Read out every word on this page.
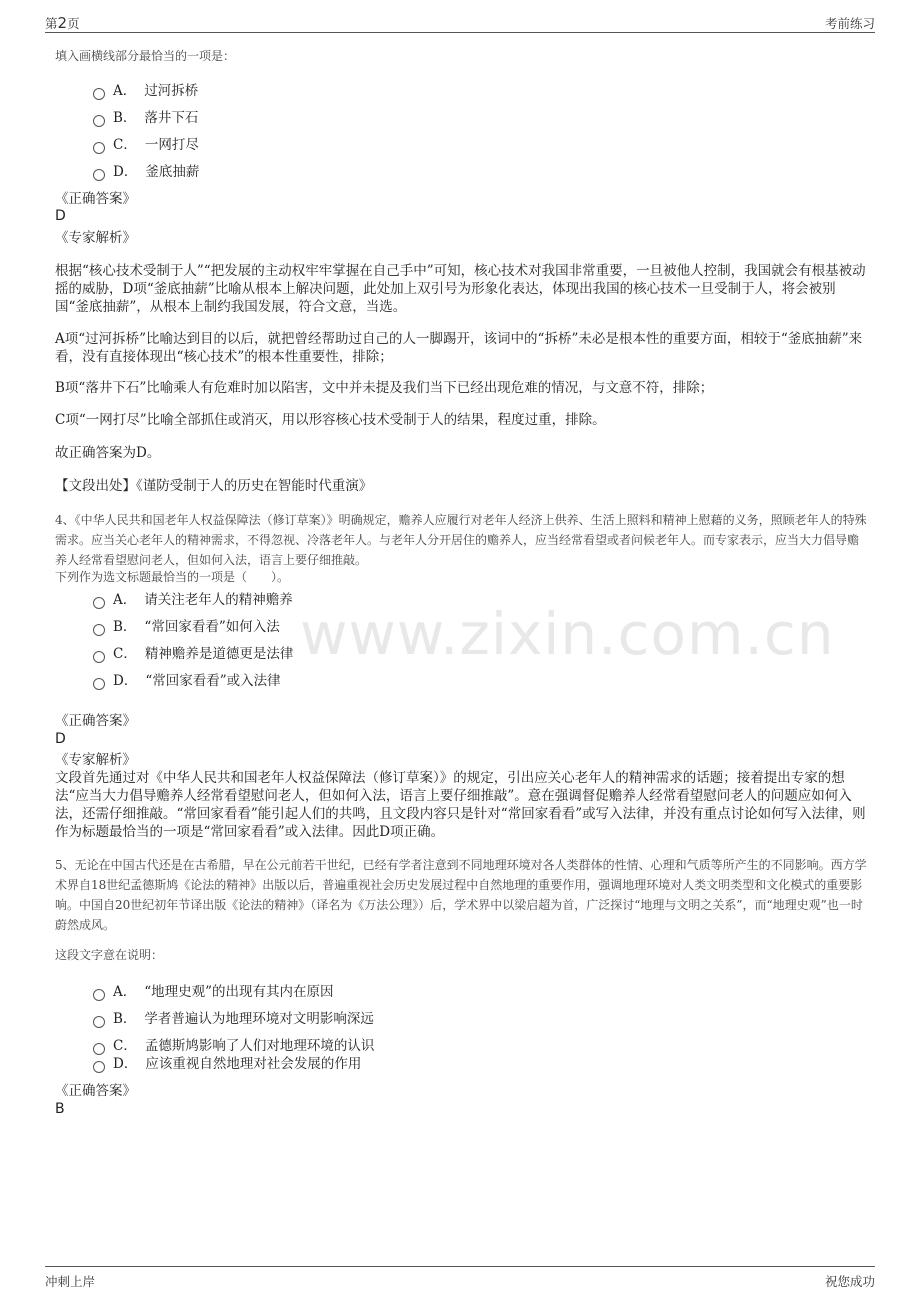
www.zixin.com.cn
第2页	考前练习
填入画横线部分最恰当的一项是：
A． 过河拆桥
B． 落井下石
C． 一网打尽
D． 釜底抽薪
《正确答案》
D
《专家解析》
根据“核心技术受制于人”“把发展的主动权牢牢掌握在自己手中”可知，核心技术对我国非常重要，一旦被他人控制，我国就会有根基被动摇的威胁，D项“釜底抽薪”比喻从根本上解决问题，此处加上双引号为形象化表达，体现出我国的核心技术一旦受制于人，将会被别国“釜底抽薪”，从根本上制约我国发展，符合文意，当选。
A项“过河拆桥”比喻达到目的以后，就把曾经帮助过自己的人一脚踢开，该词中的“拆桥”未必是根本性的重要方面，相较于“釜底抽薪”来看，没有直接体现出“核心技术”的根本性重要性，排除；
B项“落井下石”比喻乘人有危难时加以陷害，文中并未提及我们当下已经出现危难的情况，与文意不符，排除；
C项“一网打尽”比喻全部抓住或消灭，用以形容核心技术受制于人的结果，程度过重，排除。
故正确答案为D。
【文段出处】《谨防受制于人的历史在智能时代重演》
4、《中华人民共和国老年人权益保障法（修订草案）》明确规定，赡养人应履行对老年人经济上供养、生活上照料和精神上慰藉的义务，照顾老年人的特殊需求。应当关心老年人的精神需求，不得忽视、冷落老年人。与老年人分开居住的赡养人，应当经常看望或者问候老年人。而专家表示，应当大力倡导赡养人经常看望慰问老人，但如何入法，语言上要仔细推敲。
下列作为选文标题最恰当的一项是（　　）。
A． 请关注老年人的精神赡养
B． “常回家看看”如何入法
C． 精神赡养是道德更是法律
D． “常回家看看”或入法律
《正确答案》
D
《专家解析》
文段首先通过对《中华人民共和国老年人权益保障法（修订草案）》的规定，引出应关心老年人的精神需求的话题；接着提出专家的想法“应当大力倡导赡养人经常看望慰问老人，但如何入法，语言上要仔细推敲”。意在强调督促赡养人经常看望慰问老人的问题应如何入法，还需仔细推敲。“常回家看看”能引起人们的共鸣，且文段内容只是针对“常回家看看”或写入法律，并没有重点讨论如何写入法律，则作为标题最恰当的一项是“常回家看看”或入法律。因此D项正确。
5、无论在中国古代还是在古希腊，早在公元前若干世纪，已经有学者注意到不同地理环境对各人类群体的性情、心理和气质等所产生的不同影响。西方学术界自18世纪孟德斯鸠《论法的精神》出版以后，普遍重视社会历史发展过程中自然地理的重要作用，强调地理环境对人类文明类型和文化模式的重要影响。中国自20世纪初年节译出版《论法的精神》（译名为《万法公理》）后，学术界中以梁启超为首，广泛探讨“地理与文明之关系”，而“地理史观”也一时蔚然成风。
这段文字意在说明：
A． “地理史观”的出现有其内在原因
B． 学者普遍认为地理环境对文明影响深远
C． 孟德斯鸠影响了人们对地理环境的认识
D． 应该重视自然地理对社会发展的作用
《正确答案》
B
冲刺上岸	祝您成功
